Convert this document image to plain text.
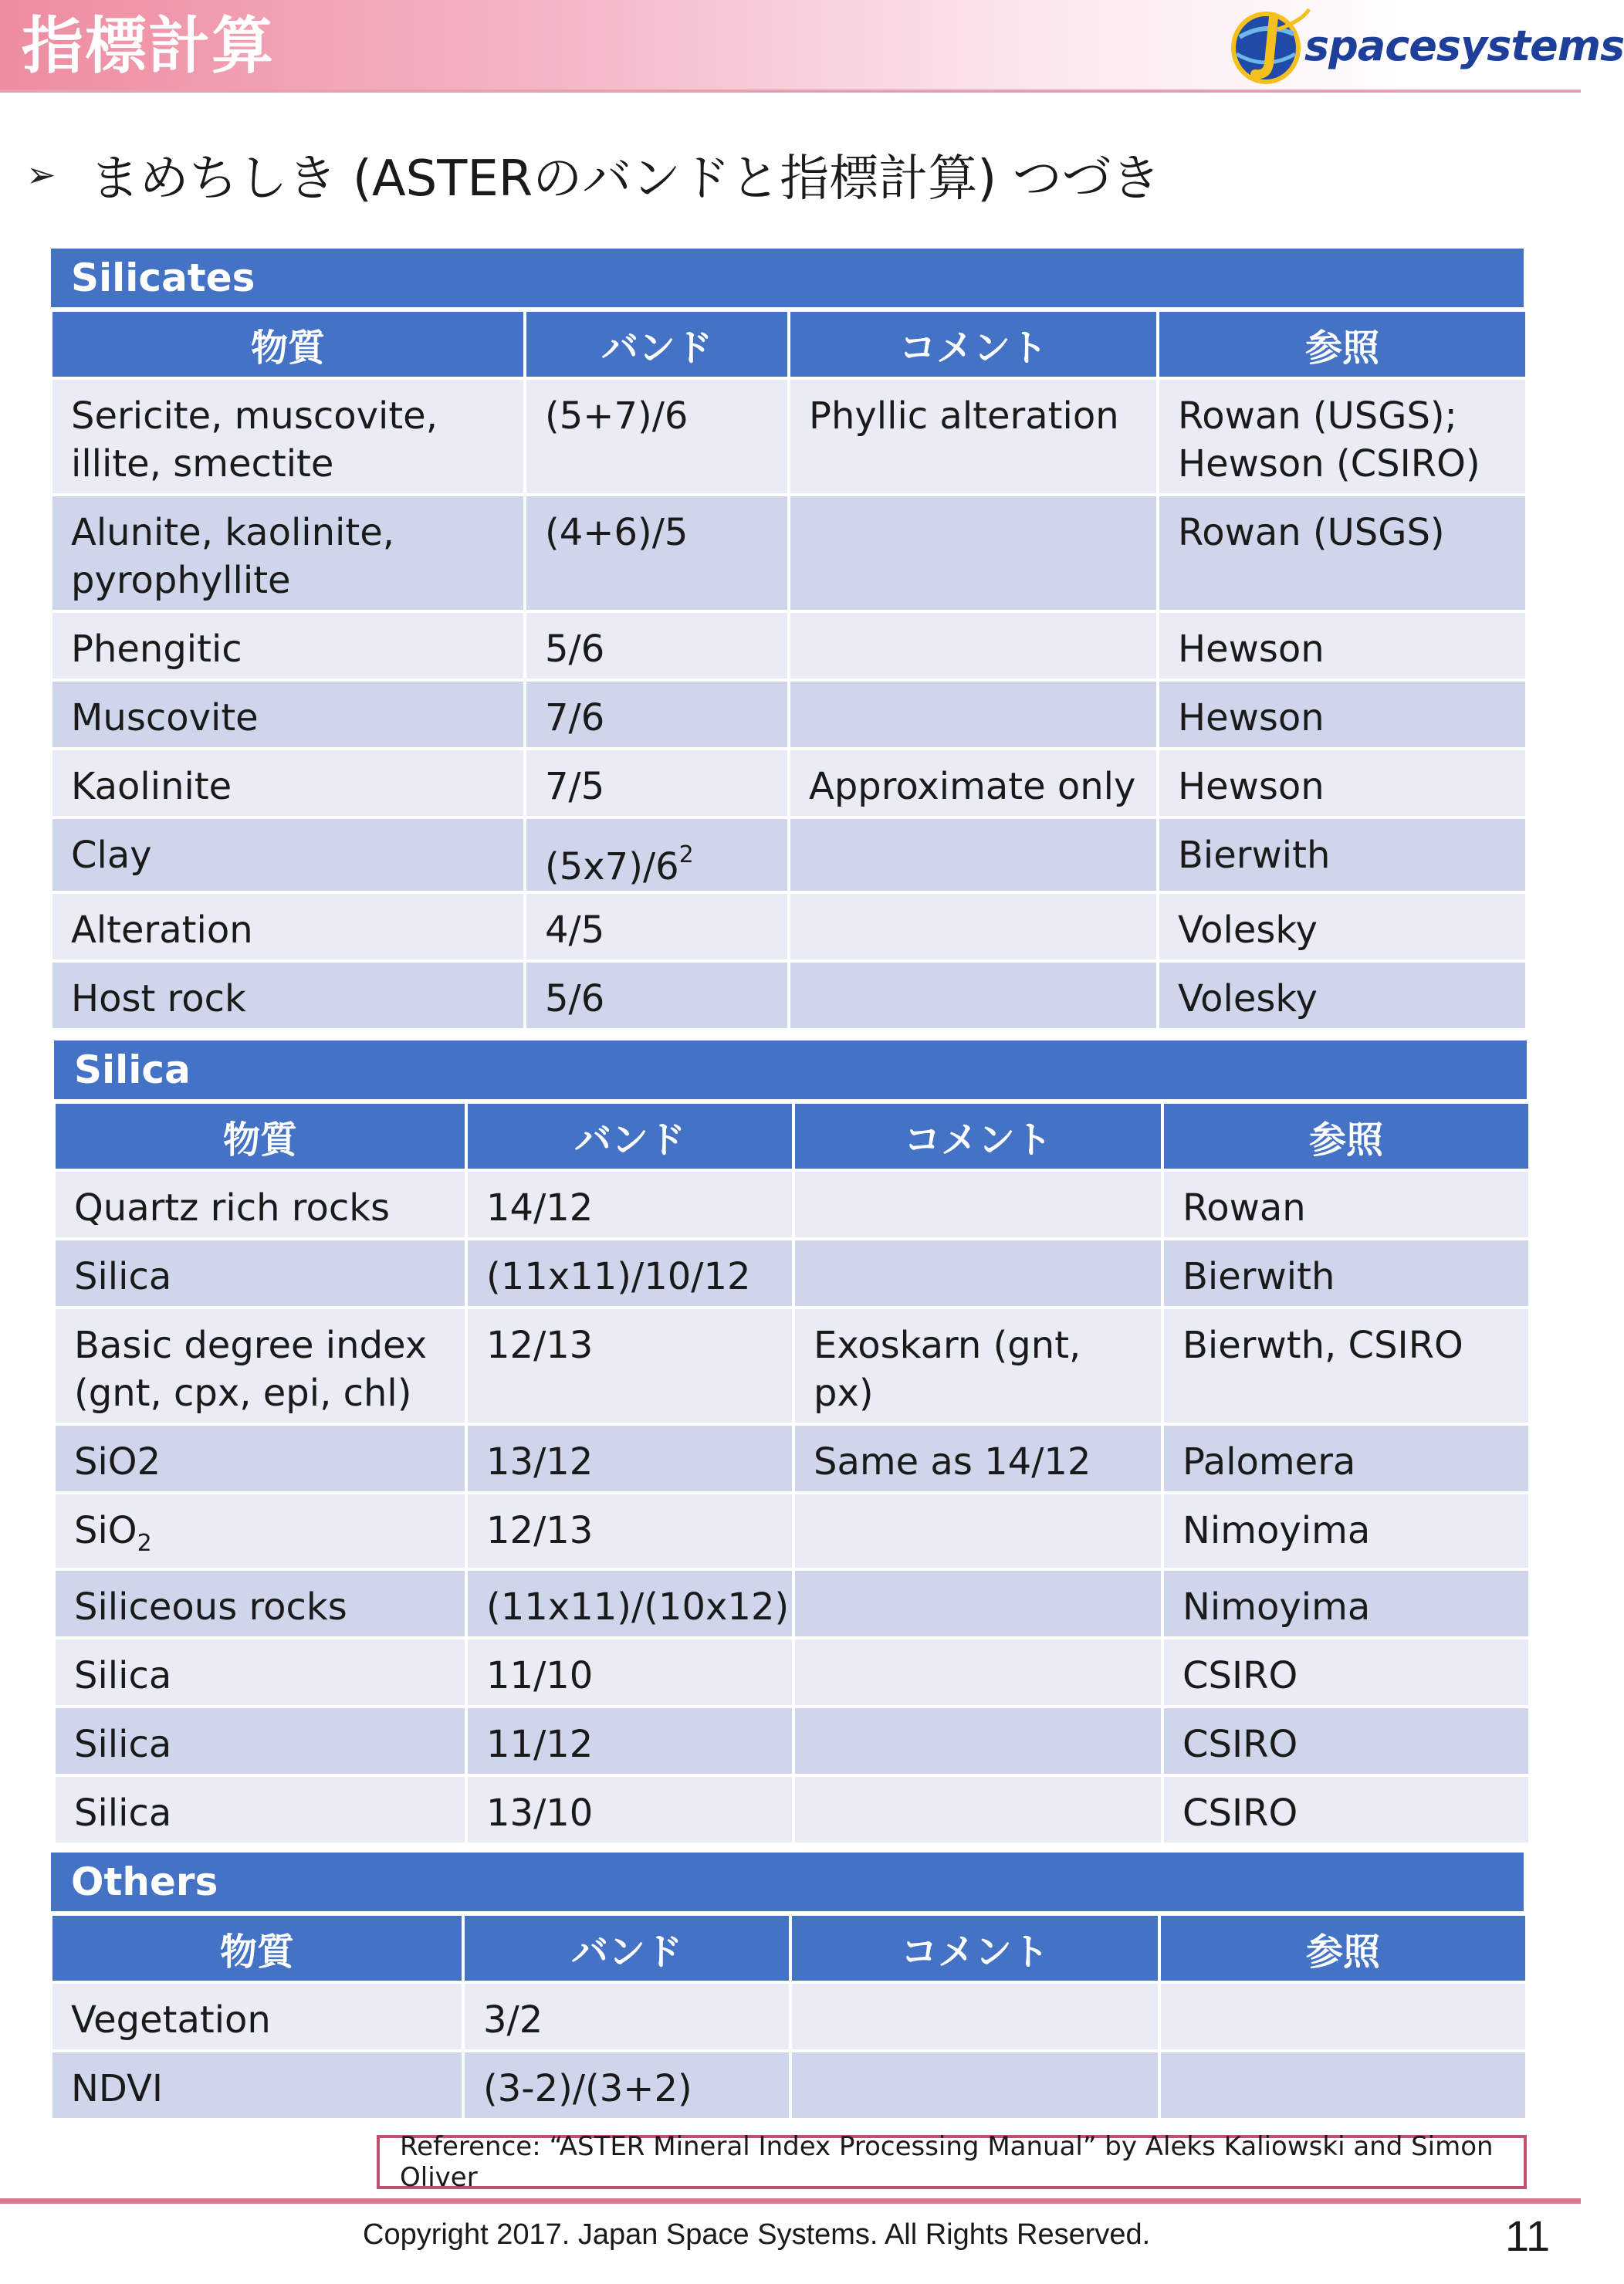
指標計算	spacesystems
➢ まめちしき (ASTERのバンドと指標計算) つづき
Silicates
物質	バンド	コメント	参照
Sericite, muscovite, illite, smectite	(5+7)/6	Phyllic alteration	Rowan (USGS); Hewson (CSIRO)
Alunite, kaolinite, pyrophyllite	(4+6)/5		Rowan (USGS)
Phengitic	5/6		Hewson
Muscovite	7/6		Hewson
Kaolinite	7/5	Approximate only	Hewson
Clay	$(5x7)/6^2$		Bierwith
Alteration	4/5		Volesky
Host rock	5/6		Volesky
Silica
物質	バンド	コメント	参照
Quartz rich rocks	14/12		Rowan
Silica	(11x11)/10/12		Bierwith
Basic degree index (gnt, cpx, epi, chl)	12/13	Exoskarn (gnt, px)	Bierwth, CSIRO
SiO2	13/12	Same as 14/12	Palomera
SiO$_2$	12/13		Nimoyima
Siliceous rocks	(11x11)/(10x12)		Nimoyima
Silica	11/10		CSIRO
Silica	11/12		CSIRO
Silica	13/10		CSIRO
Others
物質	バンド	コメント	参照
Vegetation	3/2		
NDVI	(3-2)/(3+2)		
Reference: “ASTER Mineral Index Processing Manual” by Aleks Kaliowski and Simon Oliver
Copyright 2017. Japan Space Systems. All Rights Reserved.	11
